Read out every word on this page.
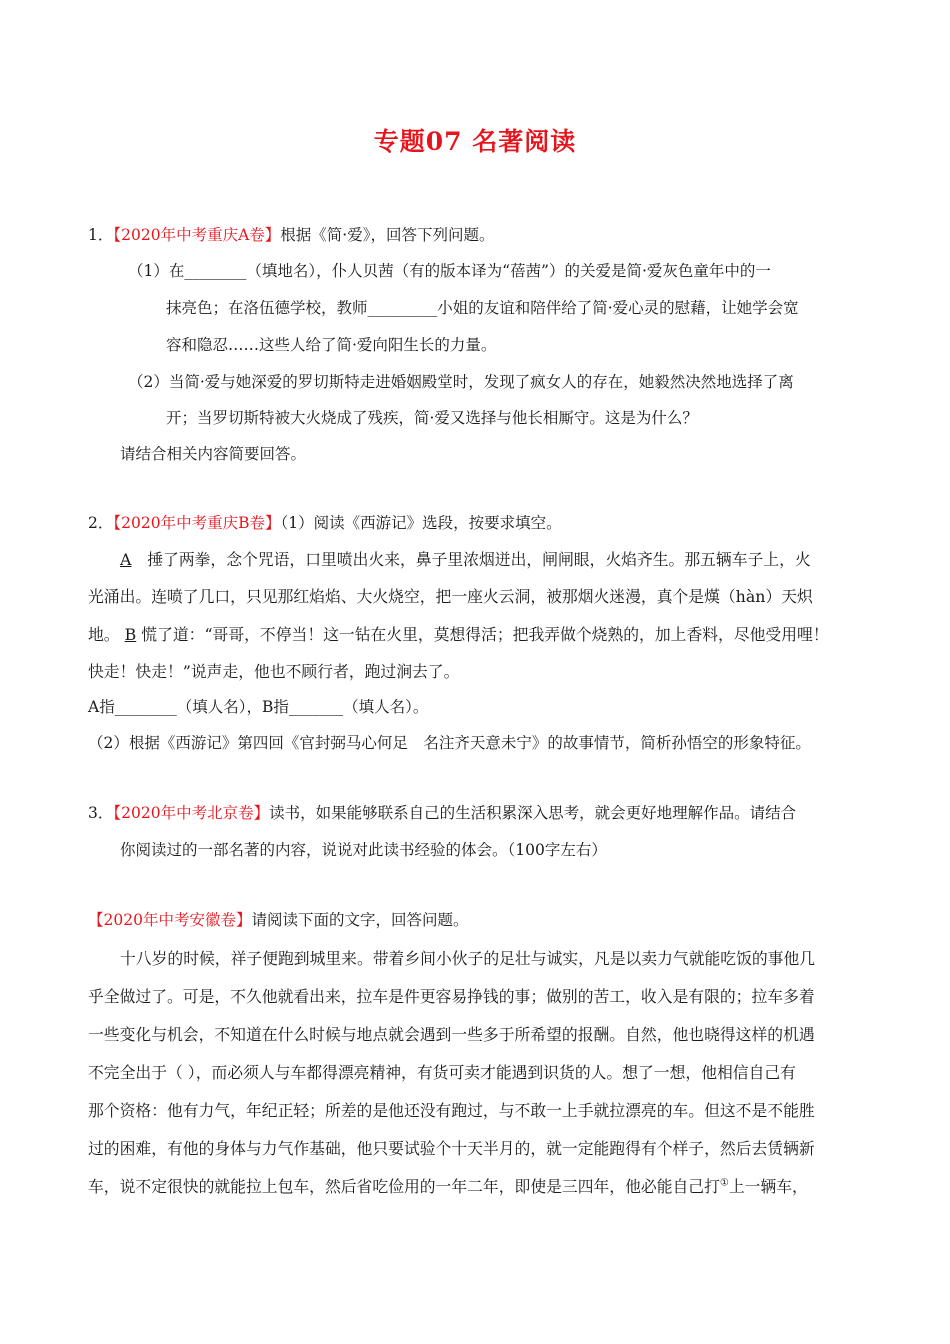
专题07 名著阅读
1．【2020年中考重庆A卷】根据《简·爱》，回答下列问题。
（1）在________（填地名），仆人贝茜（有的版本译为“蓓茜”）的关爱是简·爱灰色童年中的一
抹亮色；在洛伍德学校，教师_________小姐的友谊和陪伴给了简·爱心灵的慰藉，让她学会宽
容和隐忍……这些人给了简·爱向阳生长的力量。
（2）当简·爱与她深爱的罗切斯特走进婚姻殿堂时，发现了疯女人的存在，她毅然决然地选择了离
开；当罗切斯特被大火烧成了残疾，简·爱又选择与他长相厮守。这是为什么？
请结合相关内容简要回答。
2．【2020年中考重庆B卷】（1）阅读《西游记》选段，按要求填空。
A　 捶了两拳，念个咒语，口里喷出火来，鼻子里浓烟迸出，闸闸眼，火焰齐生。那五辆车子上，火
光涌出。连喷了几口，只见那红焰焰、大火烧空，把一座火云洞，被那烟火迷漫，真个是熯（hàn）天炽
地。 B 慌了道：“哥哥，不停当！这一钻在火里，莫想得活；把我弄做个烧熟的，加上香料，尽他受用哩！
快走！快走！”说声走，他也不顾行者，跑过涧去了。
A指________（填人名），B指_______（填人名）。
（2）根据《西游记》第四回《官封弼马心何足　名注齐天意未宁》的故事情节，简析孙悟空的形象特征。
3．【2020年中考北京卷】读书，如果能够联系自己的生活积累深入思考，就会更好地理解作品。请结合
你阅读过的一部名著的内容，说说对此读书经验的体会。（100字左右）
【2020年中考安徽卷】请阅读下面的文字，回答问题。
十八岁的时候，祥子便跑到城里来。带着乡间小伙子的足壮与诚实，凡是以卖力气就能吃饭的事他几
乎全做过了。可是，不久他就看出来，拉车是件更容易挣钱的事；做别的苦工，收入是有限的；拉车多着
一些变化与机会，不知道在什么时候与地点就会遇到一些多于所希望的报酬。自然，他也晓得这样的机遇
不完全出于（ ），而必须人与车都得漂亮精神，有货可卖才能遇到识货的人。想了一想，他相信自己有
那个资格：他有力气，年纪正轻；所差的是他还没有跑过，与不敢一上手就拉漂亮的车。但这不是不能胜
过的困难，有他的身体与力气作基础，他只要试验个十天半月的，就一定能跑得有个样子，然后去赁辆新
车，说不定很快的就能拉上包车，然后省吃俭用的一年二年，即使是三四年，他必能自己打①上一辆车，
